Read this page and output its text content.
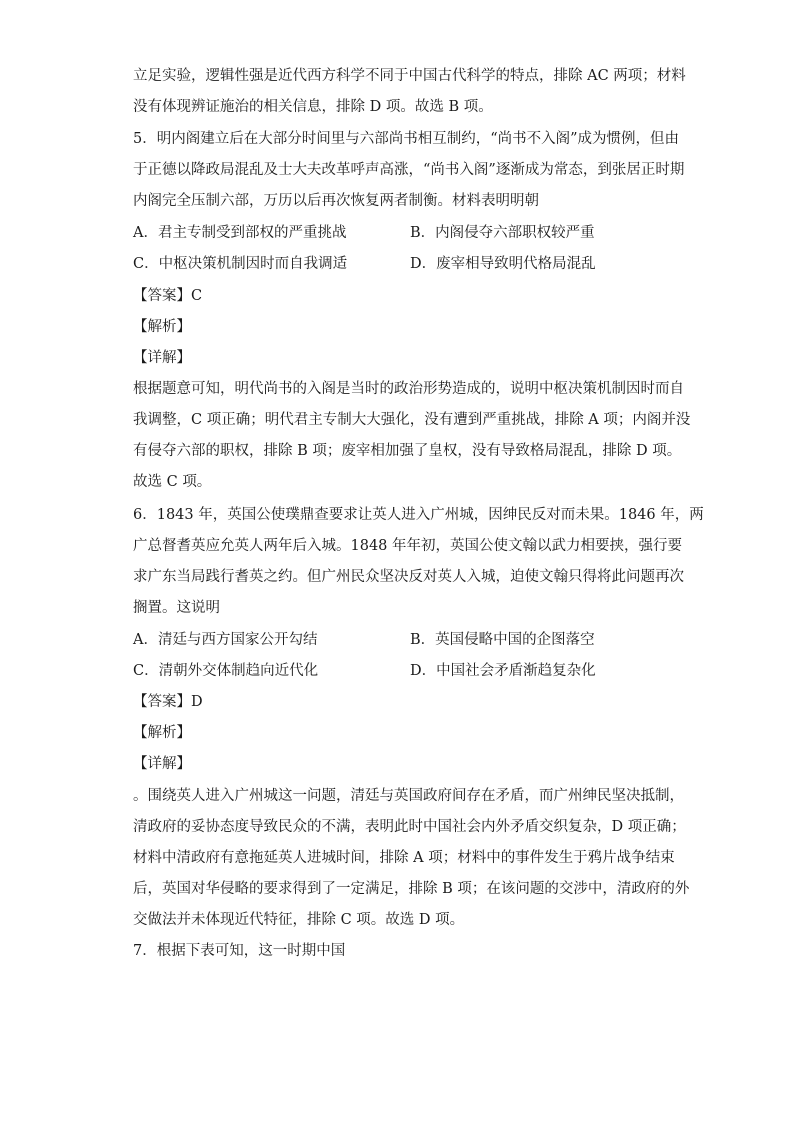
立足实验，逻辑性强是近代西方科学不同于中国古代科学的特点，排除 AC 两项；材料
没有体现辨证施治的相关信息，排除 D 项。故选 B 项。
5．明内阁建立后在大部分时间里与六部尚书相互制约，“尚书不入阁”成为惯例，但由
于正德以降政局混乱及士大夫改革呼声高涨，“尚书入阁”逐渐成为常态，到张居正时期
内阁完全压制六部，万历以后再次恢复两者制衡。材料表明明朝
A．君主专制受到部权的严重挑战	B．内阁侵夺六部职权较严重
C．中枢决策机制因时而自我调适	D．废宰相导致明代格局混乱
【答案】C
【解析】
【详解】
根据题意可知，明代尚书的入阁是当时的政治形势造成的，说明中枢决策机制因时而自
我调整，C 项正确；明代君主专制大大强化，没有遭到严重挑战，排除 A 项；内阁并没
有侵夺六部的职权，排除 B 项；废宰相加强了皇权，没有导致格局混乱，排除 D 项。
故选 C 项。
6．1843 年，英国公使璞鼎查要求让英人进入广州城，因绅民反对而未果。1846 年，两
广总督耆英应允英人两年后入城。1848 年年初，英国公使文翰以武力相要挟，强行要
求广东当局践行耆英之约。但广州民众坚决反对英人入城，迫使文翰只得将此问题再次
搁置。这说明
A．清廷与西方国家公开勾结	B．英国侵略中国的企图落空
C．清朝外交体制趋向近代化	D．中国社会矛盾渐趋复杂化
【答案】D
【解析】
【详解】
。围绕英人进入广州城这一问题，清廷与英国政府间存在矛盾，而广州绅民坚决抵制，
清政府的妥协态度导致民众的不满，表明此时中国社会内外矛盾交织复杂，D 项正确；
材料中清政府有意拖延英人进城时间，排除 A 项；材料中的事件发生于鸦片战争结束
后，英国对华侵略的要求得到了一定满足，排除 B 项；在该问题的交涉中，清政府的外
交做法并未体现近代特征，排除 C 项。故选 D 项。
7．根据下表可知，这一时期中国
